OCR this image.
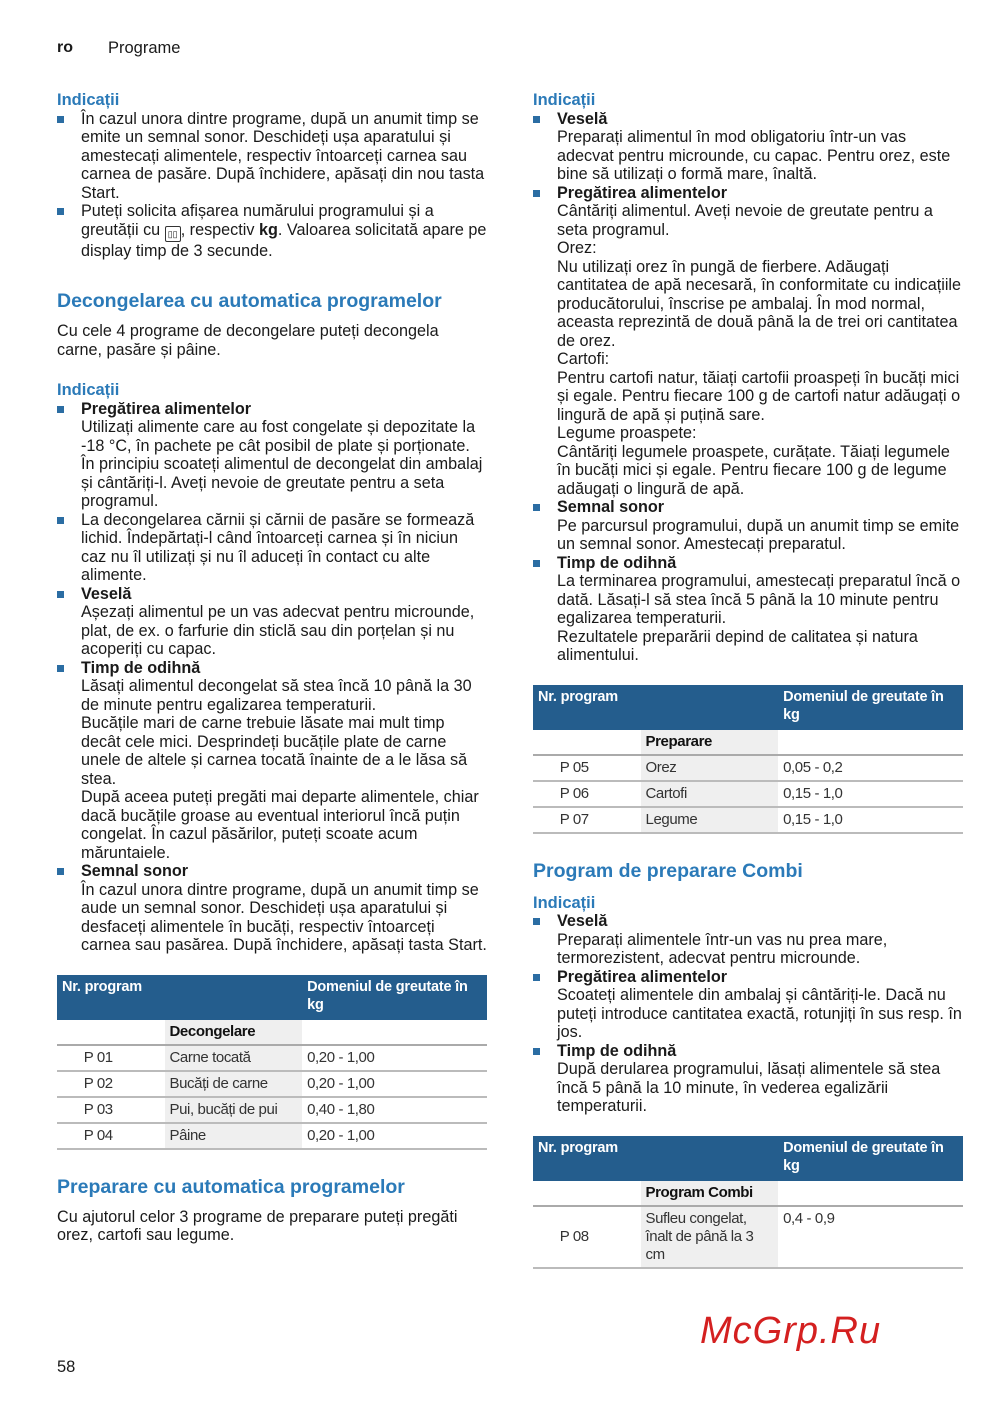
ro Programe
Indicații

În cazul unora dintre programe, după un anumit timp se emite un semnal sonor. Deschideți ușa aparatului și amestecați alimentele, respectiv întoarceți carnea sau carnea de pasăre. După închidere, apăsați din nou tasta Start.

Puteți solicita afișarea numărului programului și a greutății cu ▯▯ , respectiv kg. Valoarea solicitată apare pe display timp de 3 secunde.

Decongelarea cu automatica programelor

Cu cele 4 programe de decongelare puteți decongela carne, pasăre și pâine.

Indicații
Pregătirea alimentelor

Utilizați alimente care au fost congelate și depozitate la -18 °C, în pachete pe cât posibil de plate și porționate.

În principiu scoateți alimentul de decongelat din ambalaj și cântăriți-l. Aveți nevoie de greutate pentru a seta programul.

La decongelarea cărnii și cărnii de pasăre se formează lichid. Îndepărtați-l când întoarceți carnea și în niciun caz nu îl utilizați și nu îl aduceți în contact cu alte alimente.

Veselă

Așezați alimentul pe un vas adecvat pentru microunde, plat, de ex. o farfurie din sticlă sau din porțelan și nu acoperiți cu capac.

Timp de odihnă

Lăsați alimentul decongelat să stea încă 10 până la 30 de minute pentru egalizarea temperaturii.

Bucățile mari de carne trebuie lăsate mai mult timp decât cele mici. Desprindeți bucățile plate de carne unele de altele și carnea tocată înainte de a le lăsa să stea.

După aceea puteți pregăti mai departe alimentele, chiar dacă bucățile groase au eventual interiorul încă puțin congelat. În cazul păsărilor, puteți scoate acum măruntaiele.

Semnal sonor

În cazul unora dintre programe, după un anumit timp se aude un semnal sonor. Deschideți ușa aparatului și desfaceți alimentele în bucăți, respectiv întoarceți carnea sau pasărea. După închidere, apăsați tasta Start.

Nr. program		Domeniul de greutate în kg
	Decongelare	
P 01	Carne tocată	0,20 - 1,00
P 02	Bucăți de carne	0,20 - 1,00
P 03	Pui, bucăți de pui	0,40 - 1,80
P 04	Pâine	0,20 - 1,00
Preparare cu automatica programelor

Cu ajutorul celor 3 programe de preparare puteți pregăti orez, cartofi sau legume.

Indicații
Veselă

Preparați alimentul în mod obligatoriu într-un vas adecvat pentru microunde, cu capac. Pentru orez, este bine să utilizați o formă mare, înaltă.

Pregătirea alimentelor

Cântăriți alimentul. Aveți nevoie de greutate pentru a seta programul.

Orez:

Nu utilizați orez în pungă de fierbere. Adăugați cantitatea de apă necesară, în conformitate cu indicațiile producătorului, înscrise pe ambalaj. În mod normal, aceasta reprezintă de două până la de trei ori cantitatea de orez.

Cartofi:

Pentru cartofi natur, tăiați cartofii proaspeți în bucăți mici și egale. Pentru fiecare 100 g de cartofi natur adăugați o lingură de apă și puțină sare.

Legume proaspete:

Cântăriți legumele proaspete, curățate. Tăiați legumele în bucăți mici și egale. Pentru fiecare 100 g de legume adăugați o lingură de apă.

Semnal sonor

Pe parcursul programului, după un anumit timp se emite un semnal sonor. Amestecați preparatul.

Timp de odihnă

La terminarea programului, amestecați preparatul încă o dată. Lăsați-l să stea încă 5 până la 10 minute pentru egalizarea temperaturii.

Rezultatele preparării depind de calitatea și natura alimentului.

Nr. program		Domeniul de greutate în kg
	Preparare	
P 05	Orez	0,05 - 0,2
P 06	Cartofi	0,15 - 1,0
P 07	Legume	0,15 - 1,0
Program de preparare Combi
Indicații
Veselă

Preparați alimentele într-un vas nu prea mare, termorezistent, adecvat pentru microunde.

Pregătirea alimentelor

Scoateți alimentele din ambalaj și cântăriți-le. Dacă nu puteți introduce cantitatea exactă, rotunjiți în sus resp. în jos.

Timp de odihnă

După derularea programului, lăsați alimentele să stea încă 5 până la 10 minute, în vederea egalizării temperaturii.

Nr. program		Domeniul de greutate în kg
	Program Combi	
P 08	Sufleu congelat, înalt de până la 3 cm	0,4 - 0,9
58
McGrp.Ru
